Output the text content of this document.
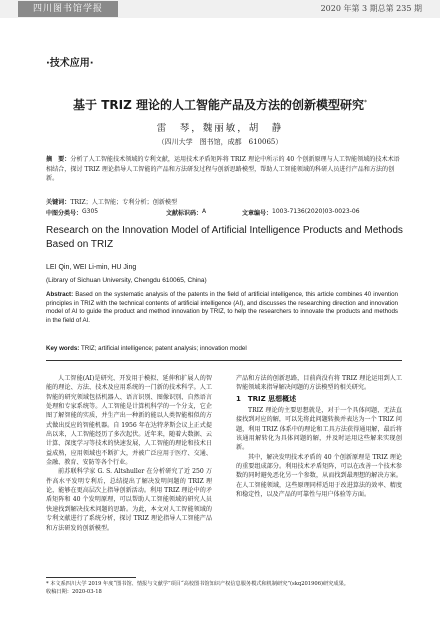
四川图书馆学报	2020 年第 3 期总第 235 期
·技术应用·
基于 TRIZ 理论的人工智能产品及方法的创新模型研究*
雷　琴，魏丽敏，胡　静
（四川大学　图书馆，成都　610065）
摘　要：分析了人工智能技术领域的专利文献，运用技术矛盾矩阵将 TRIZ 理论中所示的 40 个创新原理与人工智能领域的技术术语相结合，探讨 TRIZ 理论指导人工智能的产品和方法研发过程与创新思路模型，帮助人工智能领域的科研人员进行产品和方法的创新。
关键词：TRIZ；人工智能；专利分析；创新模型
中图分类号： G305	文献标识码： A	文章编号： 1003-7136(2020)03-0023-06
Research on the Innovation Model of Artificial Intelligence Products and Methods Based on TRIZ
LEI Qin, WEI Li-min, HU Jing
(Library of Sichuan University, Chengdu 610065, China)
Abstract: Based on the systematic analysis of the patents in the field of artificial intelligence, this article combines 40 invention principles in TRIZ with the technical contents of artificial intelligence (AI), and discusses the researching direction and innovation model of AI to guide the product and method innovation by TRIZ, to help the researchers to innovate the products and methods in the field of AI.
Key words: TRIZ; artificial intelligence; patent analysis; innovation model

人工智能(AI)是研究、开发用于模拟、延伸和扩展人的智能的理论、方法、技术及应用系统的一门新的技术科学。人工智能的研究领域包括机器人、语言识别、图像识别、自然语言处理和专家系统等。人工智能是计算机科学的一个分支，它企图了解智能的实质，并生产出一种新的能以人类智能相似的方式做出反应的智能机器。自 1956 年在达特茅斯会议上正式提出以来，人工智能经历了多次起伏。近年来，随着大数据、云计算、深度学习等技术的快速发展，人工智能的理论和技术日益成熟，应用领域也不断扩大，并被广泛应用于医疗、交通、金融、教育、安防等各个行业。

前苏联科学家 G. S. Altshuller 在分析研究了近 250 万件高水平发明专利后，总结提出了解决发明问题的 TRIZ 理论，能够在更高层次上指导创新活动。利用 TRIZ 理论中的矛盾矩阵和 40 个发明原理，可以帮助人工智能领域的研究人员快速找到解决技术问题的思路。为此，本文对人工智能领域的专利文献进行了系统分析，探讨 TRIZ 理论指导人工智能产品和方法研发的创新模型。

产品和方法的创新思路，目前尚没有将 TRIZ 理论运用到人工智能领域来指导解决问题的方法模型的相关研究。

1　TRIZ 思想概述

TRIZ 理论的主要思想就是，对于一个具体问题，无法直接找到对应的解，可以先将此问题转换并表达为一个 TRIZ 问题，利用 TRIZ 体系中的理论和工具方法获得通用解，最后将该通用解转化为具体问题的解，并及时运用这些解来实现创新。

其中，解决发明技术矛盾的 40 个创新原理是 TRIZ 理论的重要组成部分。利用技术矛盾矩阵，可以在改善一个技术参数的同时避免恶化另一个参数，从而找到最理想的解决方案。在人工智能领域，这些原理同样适用于改进算法的效率、精度和稳定性，以及产品的可靠性与用户体验等方面。

* 本文系四川大学 2019 年度“图书馆、情报与文献学”项目“高校图书馆知识产权信息服务模式和机制研究”(skq201906)研究成果。

收稿日期：2020-03-18
